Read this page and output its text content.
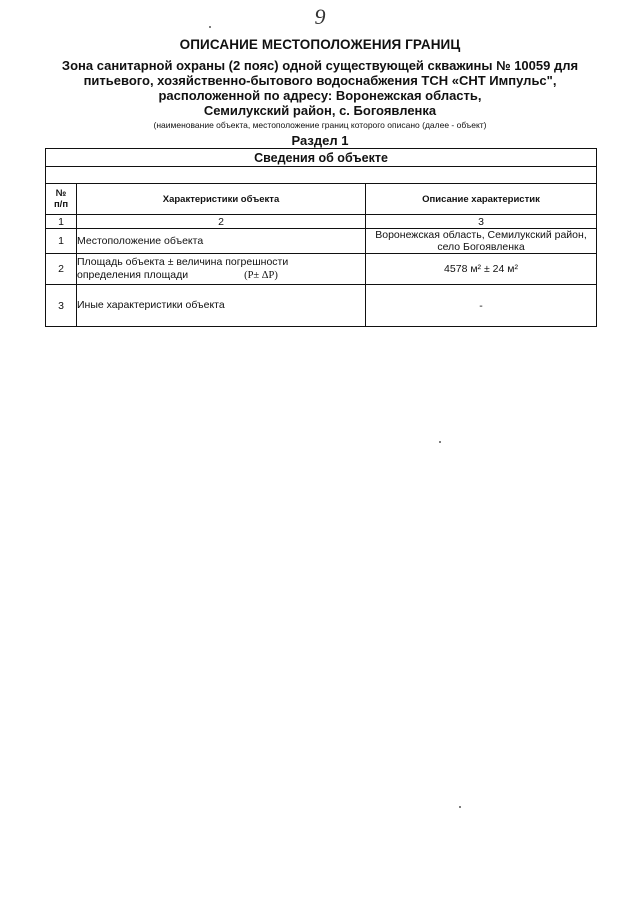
9
ОПИСАНИЕ МЕСТОПОЛОЖЕНИЯ ГРАНИЦ
Зона санитарной охраны (2 пояс) одной существующей скважины № 10059 для
питьевого, хозяйственно-бытового водоснабжения ТСН «СНТ Импульс",
расположенной по адресу: Воронежская область,
Семилукский район, с. Богоявленка
(наименование объекта, местоположение границ которого описано (далее - объект)
Раздел 1
Сведения об объекте		

№
п/п	Характеристики объекта	Описание характеристик
1	2	3
1	Местоположение объекта	Воронежская область, Семилукский район,
село Богоявленка
2	Площадь объекта ± величина погрешности
определения площади (P± ΔP)	4578 м² ± 24 м²
3	Иные характеристики объекта	-
